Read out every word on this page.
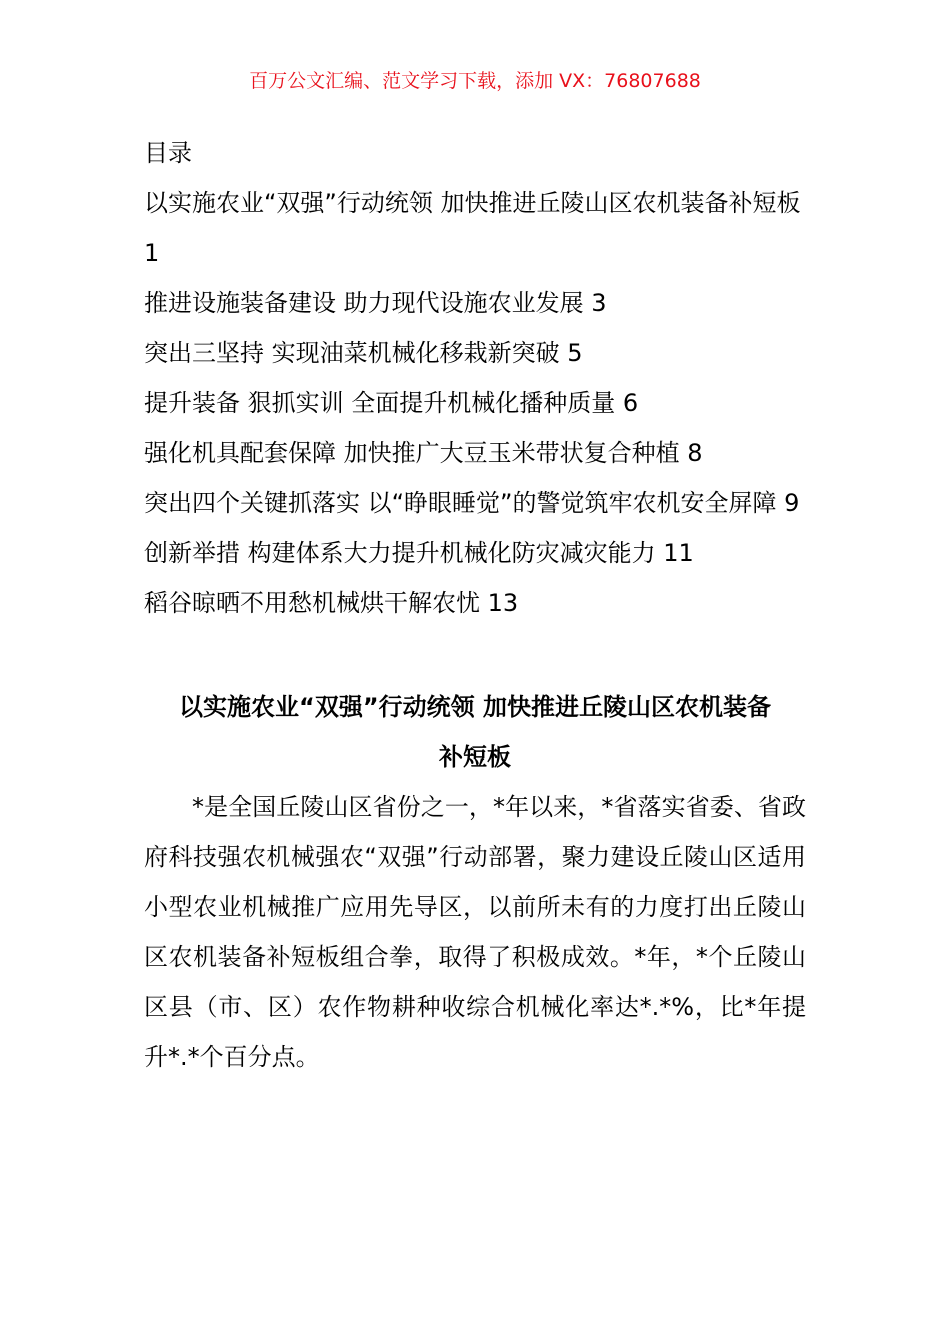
百万公文汇编、范文学习下载，添加 VX：76807688

目录

以实施农业“双强”行动统领 加快推进丘陵山区农机装备补短板 1
推进设施装备建设 助力现代设施农业发展 3
突出三坚持 实现油菜机械化移栽新突破 5
提升装备 狠抓实训 全面提升机械化播种质量 6
强化机具配套保障 加快推广大豆玉米带状复合种植 8
突出四个关键抓落实 以“睁眼睡觉”的警觉筑牢农机安全屏障 9
创新举措 构建体系大力提升机械化防灾减灾能力 11
稻谷晾晒不用愁机械烘干解农忧 13
以实施农业“双强”行动统领 加快推进丘陵山区农机装备
补短板

*是全国丘陵山区省份之一，*年以来，*省落实省委、省政府科技强农机械强农“双强”行动部署，聚力建设丘陵山区适用小型农业机械推广应用先导区，以前所未有的力度打出丘陵山区农机装备补短板组合拳，取得了积极成效。*年，*个丘陵山区县（市、区）农作物耕种收综合机械化率达*.*%，比*年提升*.*个百分点。
